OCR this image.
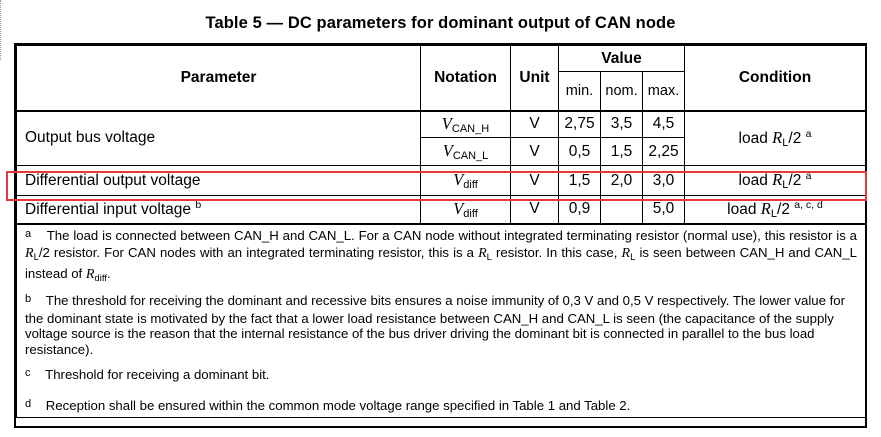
Table 5 — DC parameters for dominant output of CAN node
Parameter	Notation	Unit	Value			Condition
			min.	nom.	max.	
Output bus voltage	$V_{CAN\_H}$	V	2,75	3,5	4,5	load $R_L/2$ $^a$
	$V_{CAN\_L}$	V	0,5	1,5	2,25	
Differential output voltage	$V_{diff}$	V	1,5	2,0	3,0	load $R_L/2$ $^a$
Differential input voltage $^b$	$V_{diff}$	V	0,9		5,0	load $R_L/2$ $^{a, c, d}$

$^a$ The load is connected between CAN_H and CAN_L. For a CAN node without integrated terminating resistor (normal use), this resistor is a $R_L/2$ resistor. For CAN nodes with an integrated terminating resistor, this is a $R_L$ resistor. In this case, $R_L$ is seen between CAN_H and CAN_L instead of $R_{diff}$.

$^b$ The threshold for receiving the dominant and recessive bits ensures a noise immunity of 0,3 V and 0,5 V respectively. The lower value for the dominant state is motivated by the fact that a lower load resistance between CAN_H and CAN_L is seen (the capacitance of the supply voltage source is the reason that the internal resistance of the bus driver driving the dominant bit is connected in parallel to the bus load resistance).

$^c$ Threshold for receiving a dominant bit.

$^d$ Reception shall be ensured within the common mode voltage range specified in Table 1 and Table 2.						
